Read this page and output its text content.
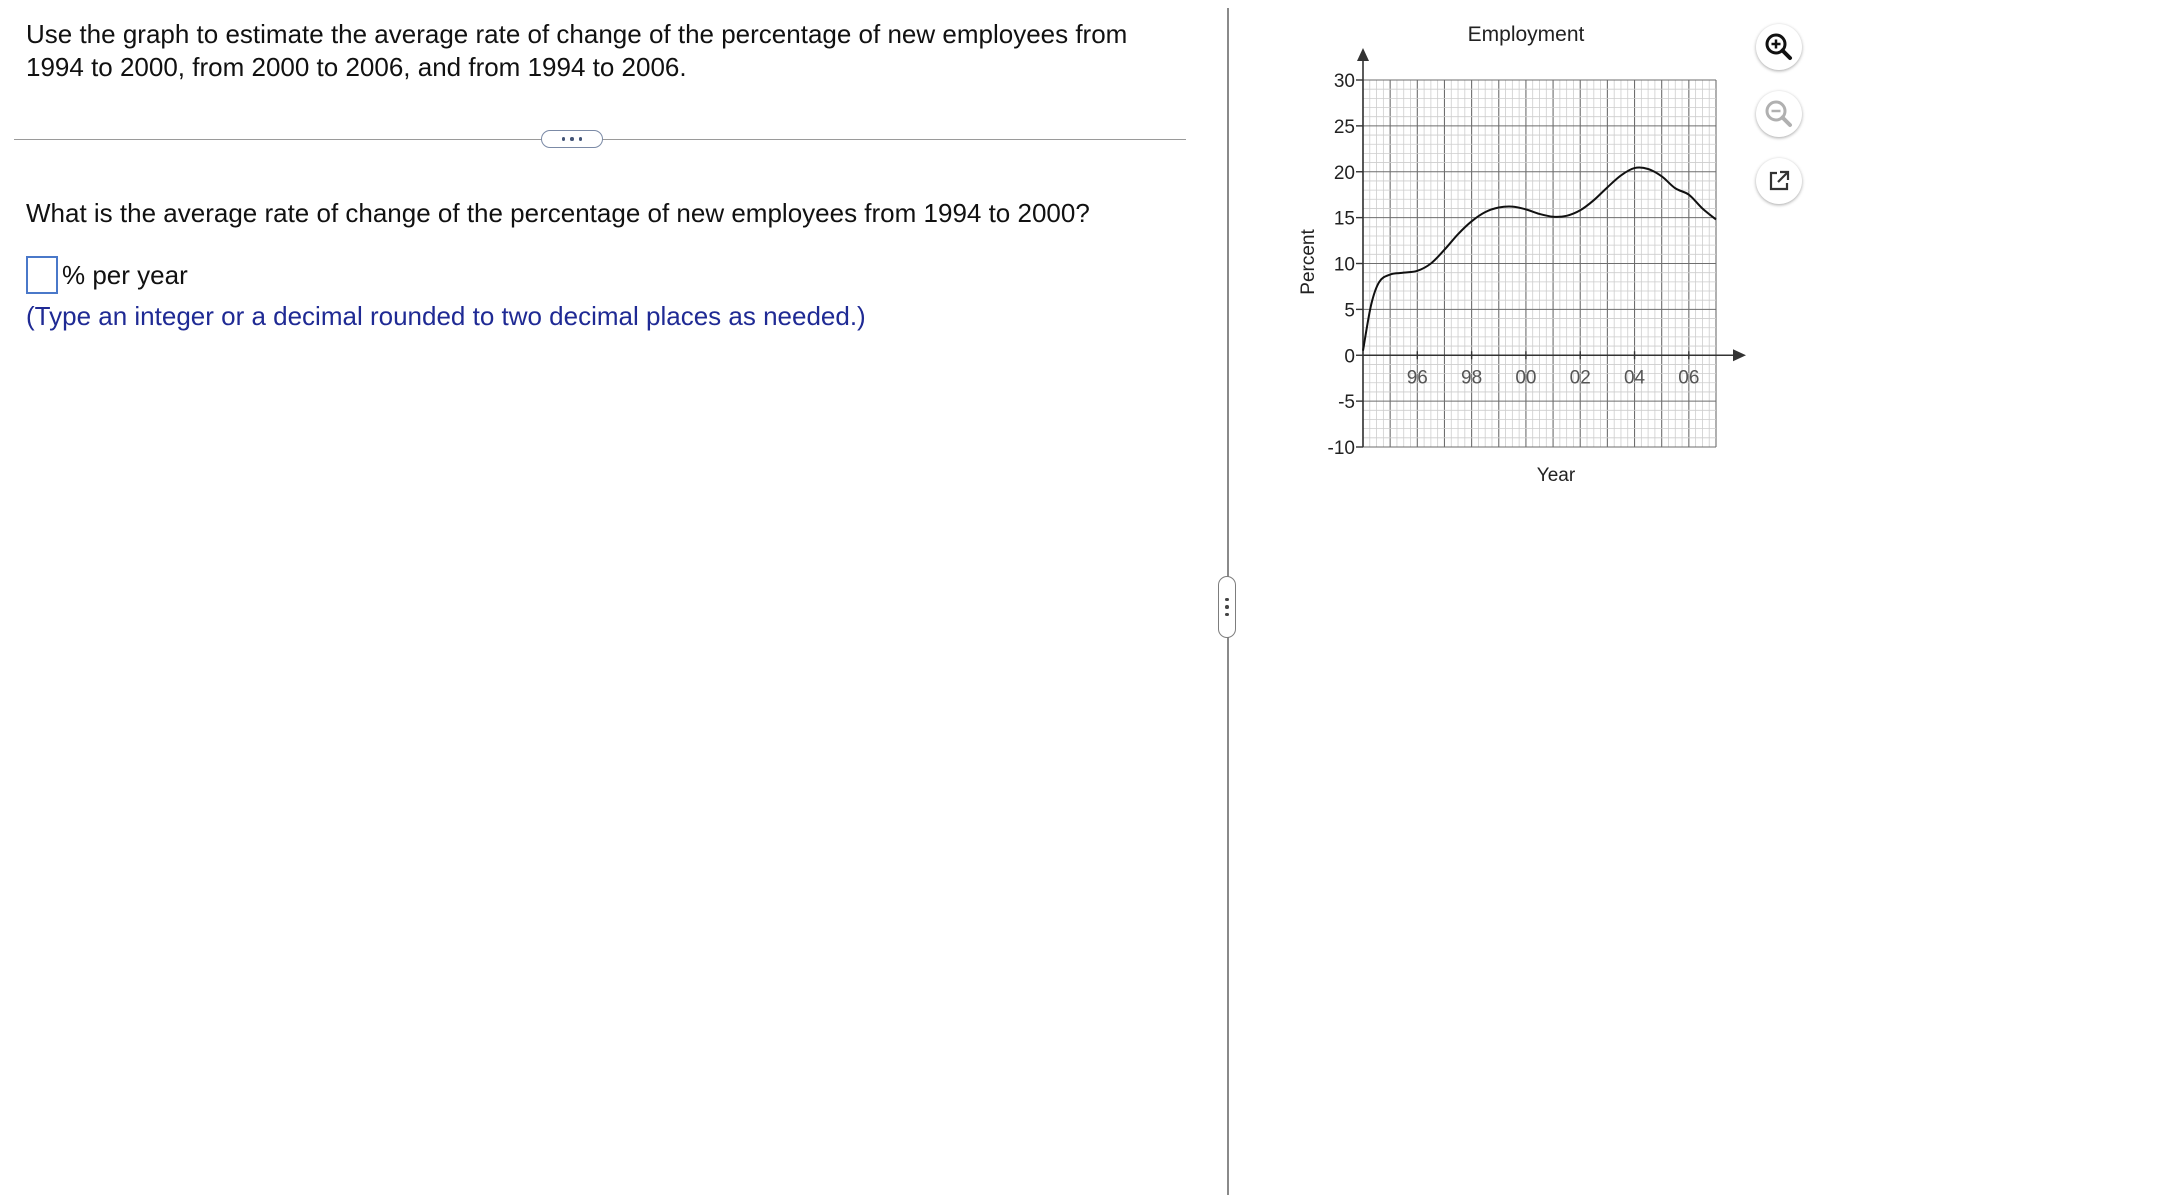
Use the graph to estimate the average rate of change of the percentage of new employees from 1994 to 2000, from 2000 to 2006, and from 1994 to 2006.
What is the average rate of change of the percentage of new employees from 1994 to 2000?
% per year
(Type an integer or a decimal rounded to two decimal places as needed.)
Employment
-10
-5
0
5
10
15
20
25
30
96 98 00 02 04 06
Year
Percent
